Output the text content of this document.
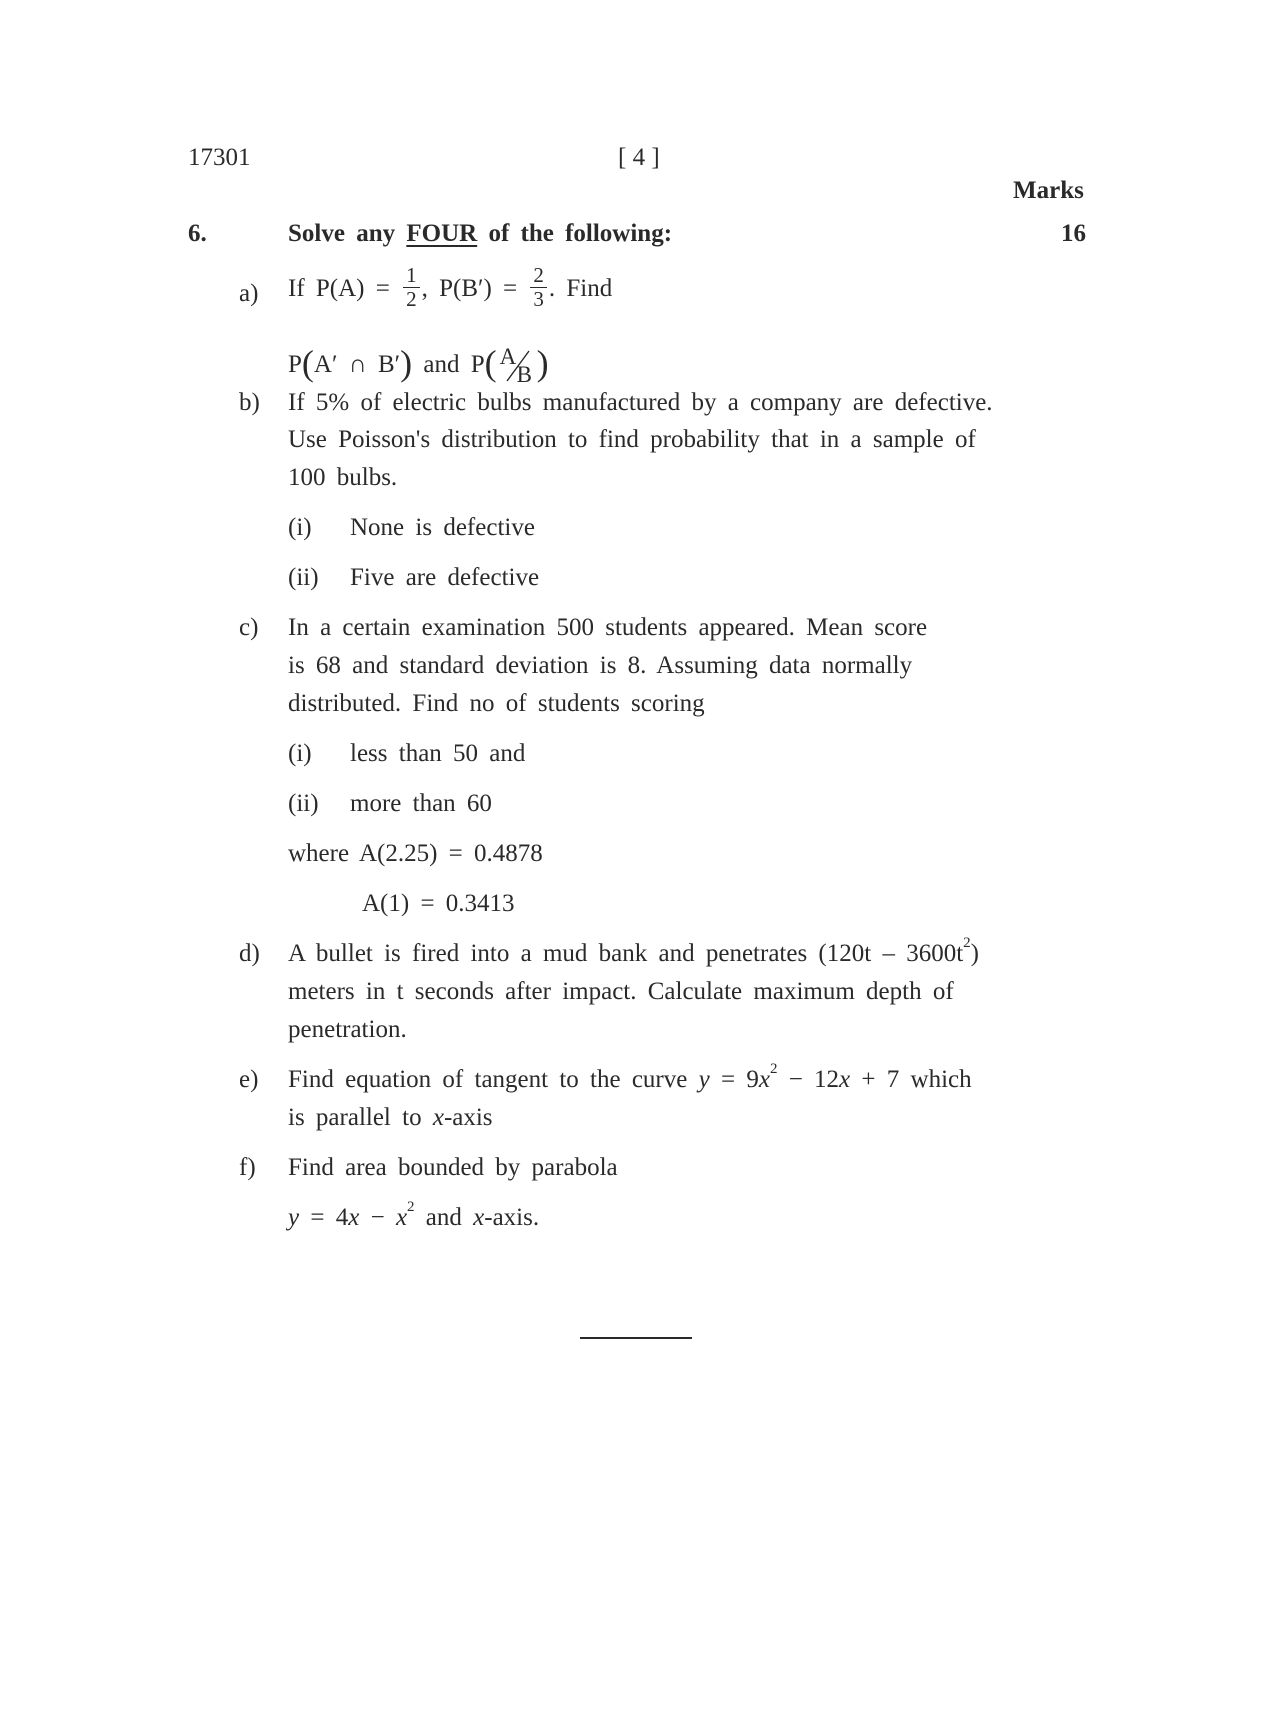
17301	[ 4 ]
Marks
6.	Solve any FOUR of the following:	16
a) If $P(A) = \frac{1}{2}$ , $P(B') = \frac{2}{3}$ . Find
P(A′ ∩ B′) and P( A
B )
b) If 5% of electric bulbs manufactured by a company are defective.
Use Poisson's distribution to find probability that in a sample of
100 bulbs.
(i) None is defective
(ii) Five are defective
c) In a certain examination 500 students appeared. Mean score
is 68 and standard deviation is 8. Assuming data normally
distributed. Find no of students scoring
(i) less than 50 and
(ii) more than 60
where A(2.25) = 0.4878
A(1) = 0.3413
d) A bullet is fired into a mud bank and penetrates $(120t - 3600t^2)$
meters in t seconds after impact. Calculate maximum depth of
penetration.
e) Find equation of tangent to the curve $y = 9x^2 - 12x + 7$ which
is parallel to x-axis
f) Find area bounded by parabola
$y = 4x - x^2$ and x-axis.
